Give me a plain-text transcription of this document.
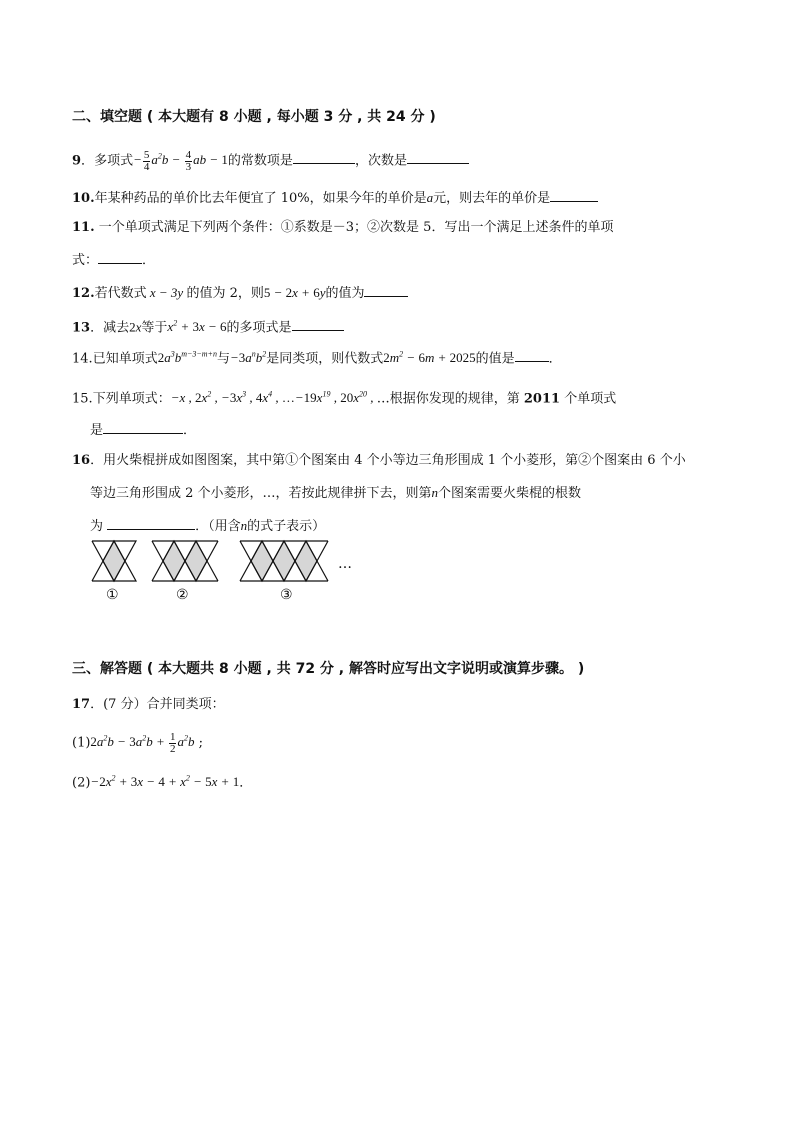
二、填空题 ( 本大题有 8 小题 , 每小题 3 分 , 共 24 分 )
9．多项式− $\frac{5}{4} a^2b - \frac{4}{3}$ ab − 1的常数项是	，次数是
10.年某种药品的单价比去年便宜了 10%，如果今年的单价是a元，则去年的单价是
11. 一个单项式满足下列两个条件：①系数是－3；②次数是 5．写出一个满足上述条件的单项
式：	．
12.若代数式 x − 3y 的值为 2，则5 − 2x + 6y的值为
13．减去2x等于$x^2 + 3x - 6$的多项式是
14.已知单项式$2a^3b^{m-3-m+n}$与$-3a^nb^2$是同类项，则代数式$2m^2 - 6m + 2025$的值是	．
15.下列单项式：−x , $2x^2$ , $-3x^3$ , $4x^4$ , $\dots-19x^{19}$ , $20x^{20}$ , …根据你发现的规律，第 2011 个单项式
是	．
16．用火柴棍拼成如图图案，其中第①个图案由 4 个小等边三角形围成 1 个小菱形，第②个图案由 6 个小
等边三角形围成 2 个小菱形，…，若按此规律拼下去，则第n个图案需要火柴棍的根数
为	．（用含n的式子表示）
…
①	②	③
三、解答题 ( 本大题共 8 小题 , 共 72 分 , 解答时应写出文字说明或演算步骤。 )
17．(7 分）合并同类项：
$(1)2a^2b - 3a^2b + \frac{1}{2} a^2b$ ;
$(2)-2x^2 + 3x - 4 + x^2 - 5x + 1$．
